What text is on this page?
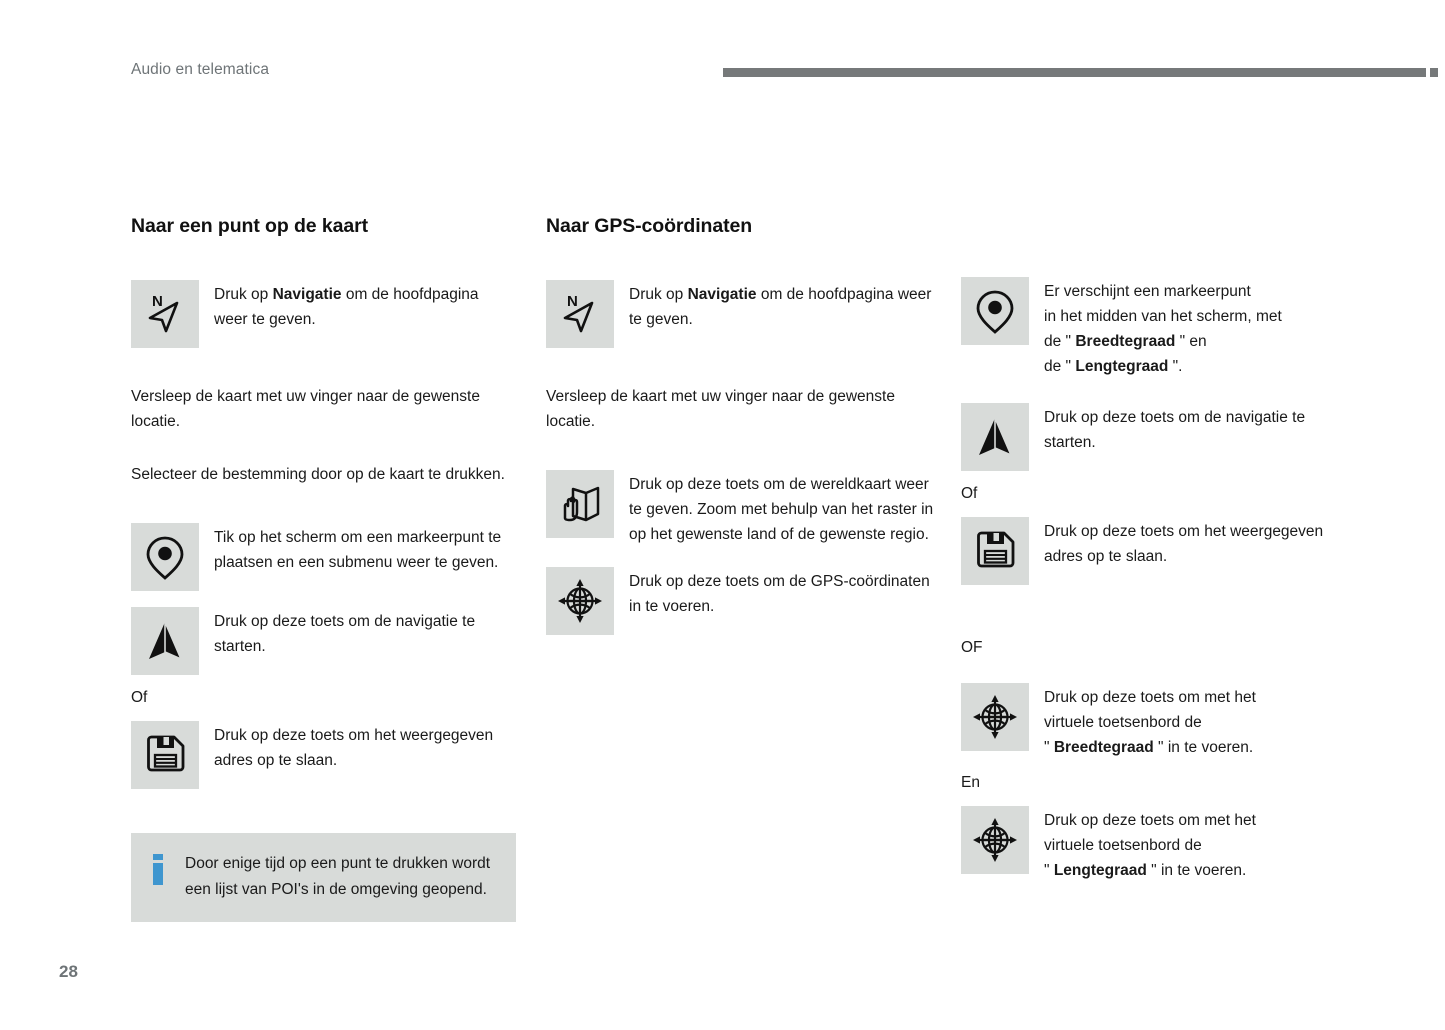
Audio en telematica
Naar een punt op de kaart
N	Druk op Navigatie om de hoofdpagina weer te geven.
Versleep de kaart met uw vinger naar de gewenste locatie.
Selecteer de bestemming door op de kaart te drukken.
Tik op het scherm om een markeerpunt te plaatsen en een submenu weer te geven.
Druk op deze toets om de navigatie te starten.
Of
Druk op deze toets om het weergegeven adres op te slaan.
Door enige tijd op een punt te drukken wordt een lijst van POI's in de omgeving geopend.
Naar GPS-coördinaten
N	Druk op Navigatie om de hoofdpagina weer te geven.
Versleep de kaart met uw vinger naar de gewenste locatie.
Druk op deze toets om de wereldkaart weer te geven. Zoom met behulp van het raster in op het gewenste land of de gewenste regio.
Druk op deze toets om de GPS-coördinaten in te voeren.
Er verschijnt een markeerpunt
in het midden van het scherm, met
de " Breedtegraad " en
de " Lengtegraad ".
Druk op deze toets om de navigatie te starten.
Of
Druk op deze toets om het weergegeven adres op te slaan.
OF
Druk op deze toets om met het
virtuele toetsenbord de
" Breedtegraad " in te voeren.
En
Druk op deze toets om met het
virtuele toetsenbord de
" Lengtegraad " in te voeren.
28
